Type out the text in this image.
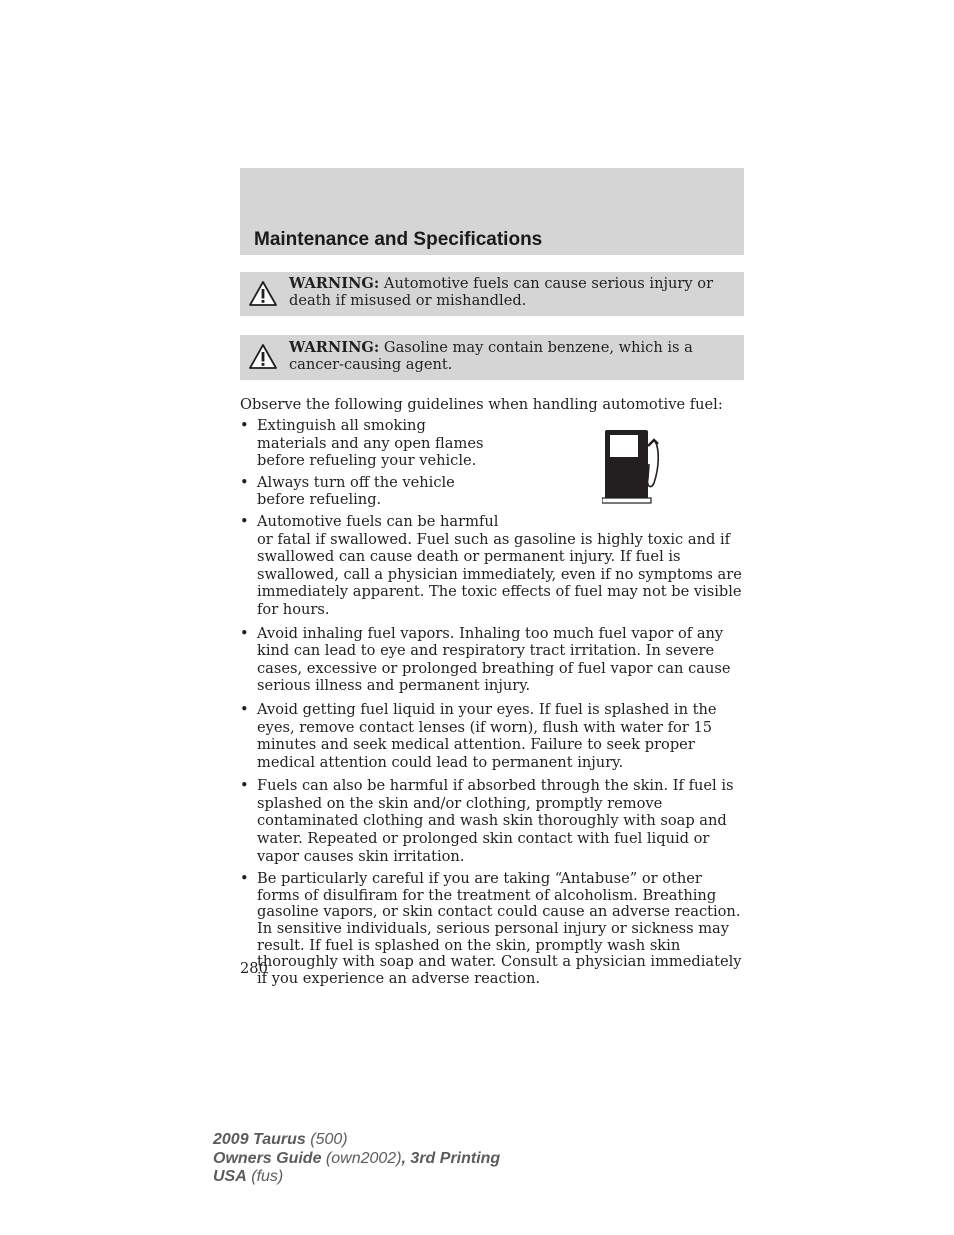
Maintenance and Specifications
WARNING: Automotive fuels can cause serious injury or death if misused or mishandled.
WARNING: Gasoline may contain benzene, which is a cancer-causing agent.

Observe the following guidelines when handling automotive fuel:

• Extinguish all smoking materials and any open flames before refueling your vehicle.
• Always turn off the vehicle before refueling.
• Automotive fuels can be harmful
or fatal if swallowed. Fuel such as gasoline is highly toxic and if swallowed can cause death or permanent injury. If fuel is swallowed, call a physician immediately, even if no symptoms are immediately apparent. The toxic effects of fuel may not be visible for hours.
• Avoid inhaling fuel vapors. Inhaling too much fuel vapor of any kind can lead to eye and respiratory tract irritation. In severe cases, excessive or prolonged breathing of fuel vapor can cause serious illness and permanent injury.
• Avoid getting fuel liquid in your eyes. If fuel is splashed in the eyes, remove contact lenses (if worn), flush with water for 15 minutes and seek medical attention. Failure to seek proper medical attention could lead to permanent injury.
• Fuels can also be harmful if absorbed through the skin. If fuel is splashed on the skin and/or clothing, promptly remove contaminated clothing and wash skin thoroughly with soap and water. Repeated or prolonged skin contact with fuel liquid or vapor causes skin irritation.
• Be particularly careful if you are taking “Antabuse” or other forms of disulfiram for the treatment of alcoholism. Breathing gasoline vapors, or skin contact could cause an adverse reaction. In sensitive individuals, serious personal injury or sickness may result. If fuel is splashed on the skin, promptly wash skin thoroughly with soap and water. Consult a physician immediately if you experience an adverse reaction.
280
2009 Taurus (500)
Owners Guide (own2002), 3rd Printing
USA (fus)
